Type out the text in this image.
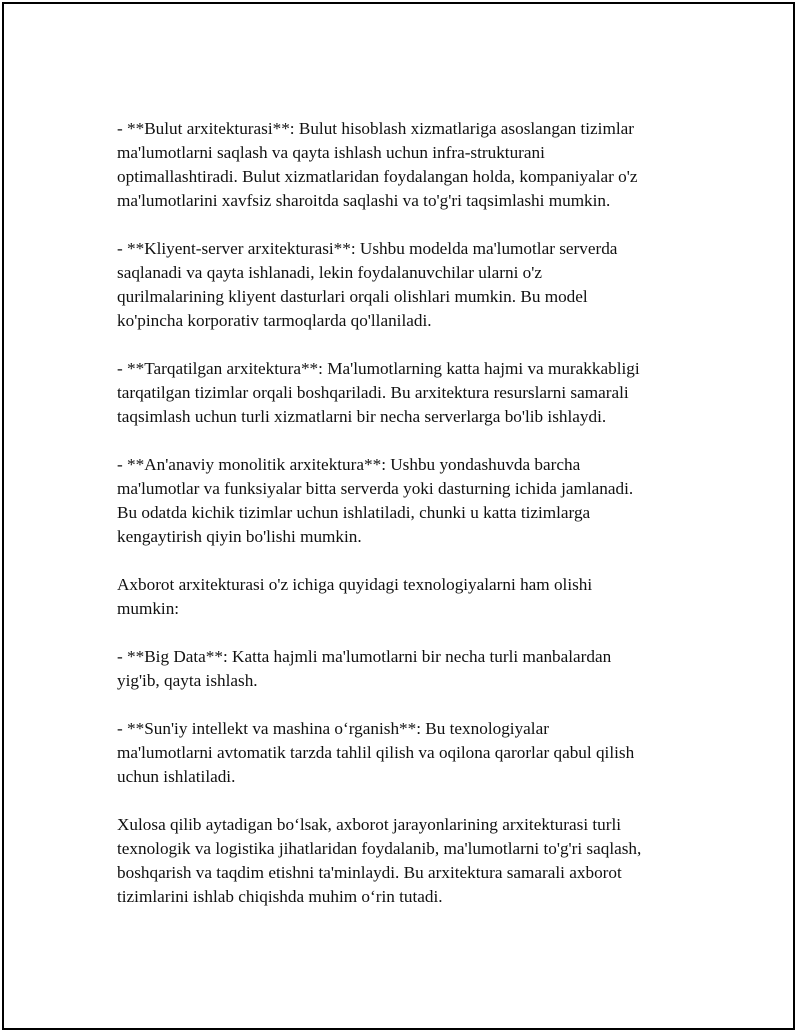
- **Bulut arxitekturasi**: Bulut hisoblash xizmatlariga asoslangan tizimlar
ma'lumotlarni saqlash va qayta ishlash uchun infra-strukturani
optimallashtiradi. Bulut xizmatlaridan foydalangan holda, kompaniyalar o'z
ma'lumotlarini xavfsiz sharoitda saqlashi va to'g'ri taqsimlashi mumkin.

- **Kliyent-server arxitekturasi**: Ushbu modelda ma'lumotlar serverda
saqlanadi va qayta ishlanadi, lekin foydalanuvchilar ularni o'z
qurilmalarining kliyent dasturlari orqali olishlari mumkin. Bu model
ko'pincha korporativ tarmoqlarda qo'llaniladi.

- **Tarqatilgan arxitektura**: Ma'lumotlarning katta hajmi va murakkabligi
tarqatilgan tizimlar orqali boshqariladi. Bu arxitektura resurslarni samarali
taqsimlash uchun turli xizmatlarni bir necha serverlarga bo'lib ishlaydi.

- **An'anaviy monolitik arxitektura**: Ushbu yondashuvda barcha
ma'lumotlar va funksiyalar bitta serverda yoki dasturning ichida jamlanadi.
Bu odatda kichik tizimlar uchun ishlatiladi, chunki u katta tizimlarga
kengaytirish qiyin bo'lishi mumkin.

Axborot arxitekturasi o'z ichiga quyidagi texnologiyalarni ham olishi
mumkin:

- **Big Data**: Katta hajmli ma'lumotlarni bir necha turli manbalardan
yig'ib, qayta ishlash.

- **Sun'iy intellekt va mashina o‘rganish**: Bu texnologiyalar
ma'lumotlarni avtomatik tarzda tahlil qilish va oqilona qarorlar qabul qilish
uchun ishlatiladi.

Xulosa qilib aytadigan bo‘lsak, axborot jarayonlarining arxitekturasi turli
texnologik va logistika jihatlaridan foydalanib, ma'lumotlarni to'g'ri saqlash,
boshqarish va taqdim etishni ta'minlaydi. Bu arxitektura samarali axborot
tizimlarini ishlab chiqishda muhim o‘rin tutadi.
